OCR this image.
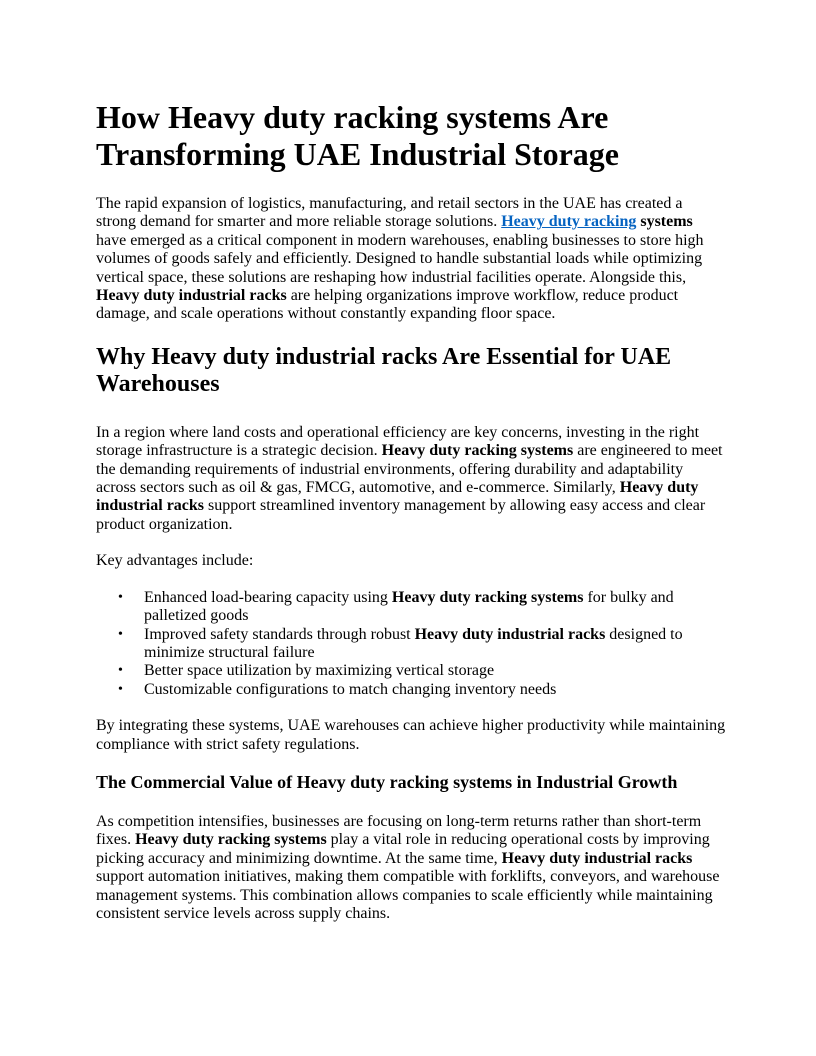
How Heavy duty racking systems Are Transforming UAE Industrial Storage

The rapid expansion of logistics, manufacturing, and retail sectors in the UAE has created a strong demand for smarter and more reliable storage solutions. Heavy duty racking systems have emerged as a critical component in modern warehouses, enabling businesses to store high volumes of goods safely and efficiently. Designed to handle substantial loads while optimizing vertical space, these solutions are reshaping how industrial facilities operate. Alongside this, Heavy duty industrial racks are helping organizations improve workflow, reduce product damage, and scale operations without constantly expanding floor space.

Why Heavy duty industrial racks Are Essential for UAE Warehouses

In a region where land costs and operational efficiency are key concerns, investing in the right storage infrastructure is a strategic decision. Heavy duty racking systems are engineered to meet the demanding requirements of industrial environments, offering durability and adaptability across sectors such as oil & gas, FMCG, automotive, and e-commerce. Similarly, Heavy duty industrial racks support streamlined inventory management by allowing easy access and clear product organization.

Key advantages include:

• Enhanced load-bearing capacity using Heavy duty racking systems for bulky and palletized goods
• Improved safety standards through robust Heavy duty industrial racks designed to minimize structural failure
• Better space utilization by maximizing vertical storage
• Customizable configurations to match changing inventory needs

By integrating these systems, UAE warehouses can achieve higher productivity while maintaining compliance with strict safety regulations.

The Commercial Value of Heavy duty racking systems in Industrial Growth

As competition intensifies, businesses are focusing on long-term returns rather than short-term fixes. Heavy duty racking systems play a vital role in reducing operational costs by improving picking accuracy and minimizing downtime. At the same time, Heavy duty industrial racks support automation initiatives, making them compatible with forklifts, conveyors, and warehouse management systems. This combination allows companies to scale efficiently while maintaining consistent service levels across supply chains.
